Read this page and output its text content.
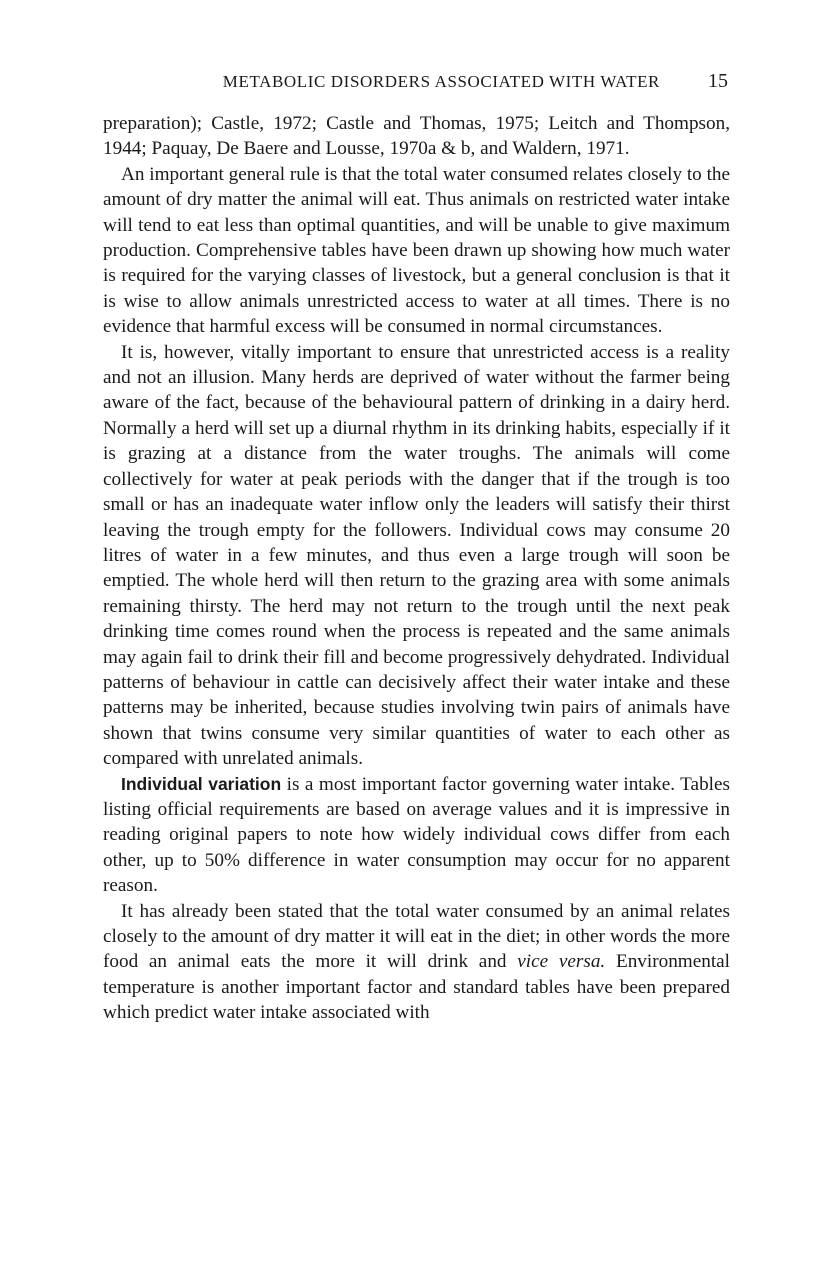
METABOLIC DISORDERS ASSOCIATED WITH WATER 15

preparation); Castle, 1972; Castle and Thomas, 1975; Leitch and Thompson, 1944; Paquay, De Baere and Lousse, 1970a & b, and Waldern, 1971.

An important general rule is that the total water consumed relates closely to the amount of dry matter the animal will eat. Thus animals on restricted water intake will tend to eat less than optimal quantities, and will be unable to give maximum production. Comprehensive tables have been drawn up showing how much water is required for the varying classes of livestock, but a general conclusion is that it is wise to allow animals unrestricted access to water at all times. There is no evidence that harmful excess will be consumed in normal circumstances.

It is, however, vitally important to ensure that unrestricted access is a reality and not an illusion. Many herds are deprived of water without the farmer being aware of the fact, because of the behavioural pattern of drinking in a dairy herd. Normally a herd will set up a diurnal rhythm in its drinking habits, especially if it is grazing at a distance from the water troughs. The animals will come collectively for water at peak periods with the danger that if the trough is too small or has an inadequate water inflow only the leaders will satisfy their thirst leaving the trough empty for the followers. Individual cows may consume 20 litres of water in a few minutes, and thus even a large trough will soon be emptied. The whole herd will then return to the grazing area with some animals remaining thirsty. The herd may not return to the trough until the next peak drinking time comes round when the process is repeated and the same animals may again fail to drink their fill and become progressively dehydrated. Individual patterns of behaviour in cattle can decisively affect their water intake and these patterns may be inherited, because studies involving twin pairs of animals have shown that twins consume very similar quantities of water to each other as compared with unrelated animals.

Individual variation is a most important factor governing water intake. Tables listing official requirements are based on average values and it is impressive in reading original papers to note how widely individual cows differ from each other, up to 50% difference in water consumption may occur for no apparent reason.

It has already been stated that the total water consumed by an animal relates closely to the amount of dry matter it will eat in the diet; in other words the more food an animal eats the more it will drink and vice versa. Environmental temperature is another important factor and standard tables have been prepared which predict water intake associated with
